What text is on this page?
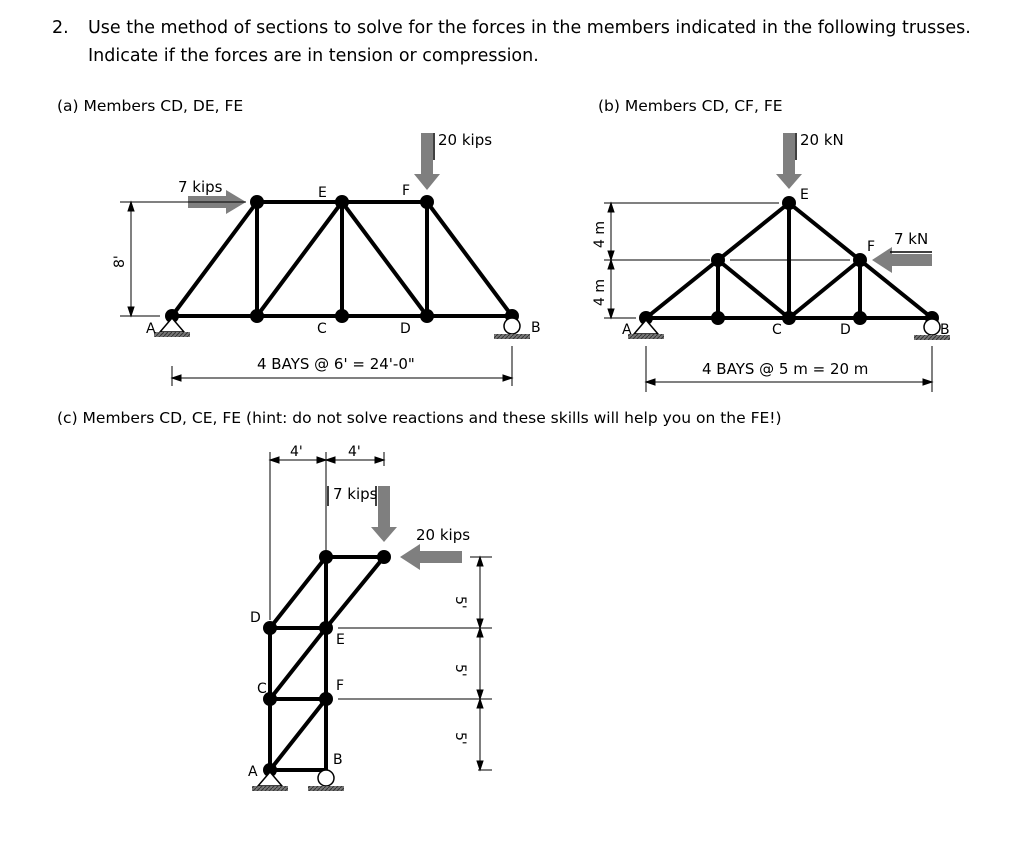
2. Use the method of sections to solve for the forces in the members indicated in the following trusses.
Indicate if the forces are in tension or compression.
(a) Members CD, DE, FE	(b) Members CD, CF, FE
(c) Members CD, CE, FE (hint: do not solve reactions and these skills will help you on the FE!)
20 kips
7 kips
8'
4 BAYS @ 6' = 24'-0"
A	B
C	D
E	F
20 kN
7 kN
4 m
4 m
4 BAYS @ 5 m = 20 m
A	B
C	D
E
F
4'	4'
7 kips
20 kips
5'
5'
5'
A
B
C
D
E
F
